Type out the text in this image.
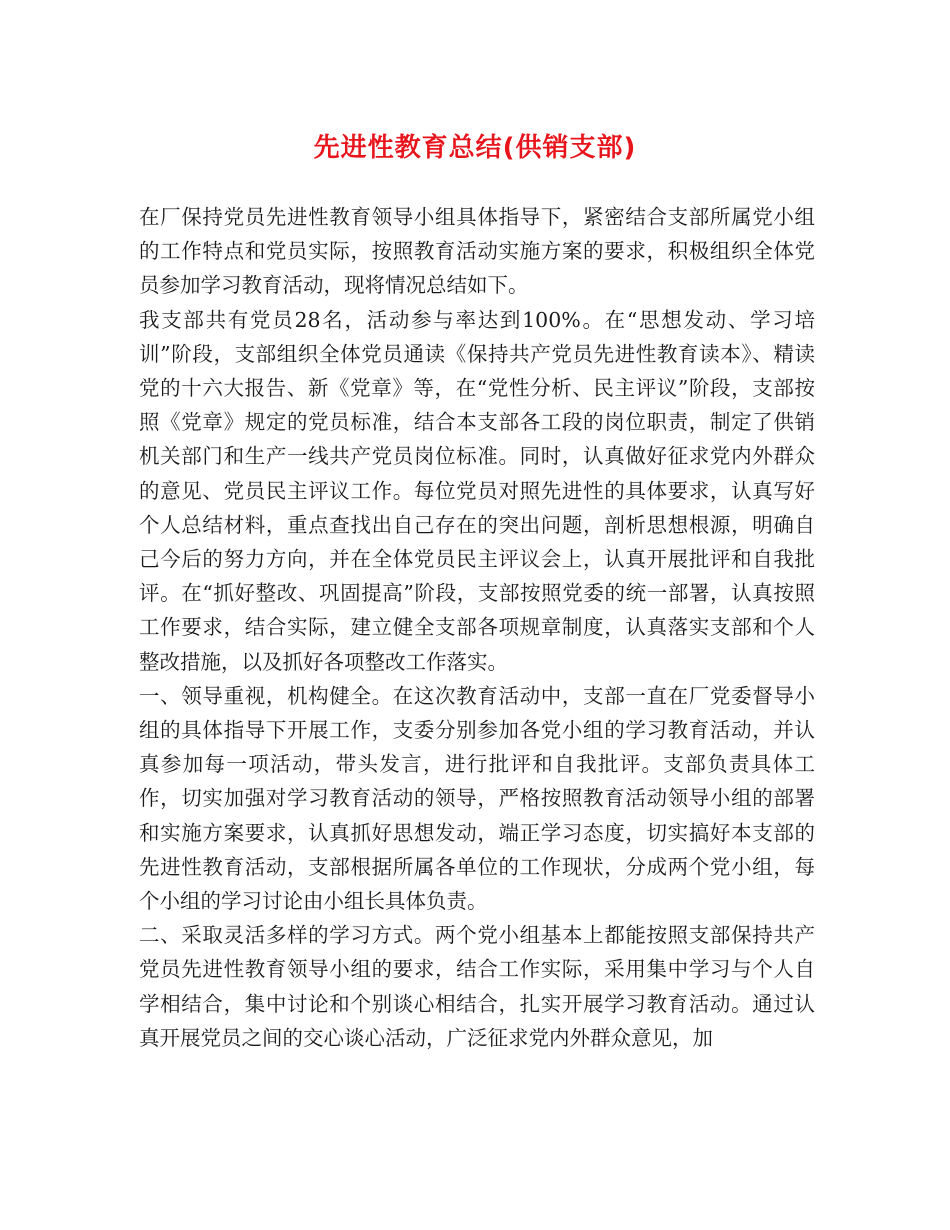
先进性教育总结(供销支部)

在厂保持党员先进性教育领导小组具体指导下，紧密结合支部所属党小组的工作特点和党员实际，按照教育活动实施方案的要求，积极组织全体党员参加学习教育活动，现将情况总结如下。

我支部共有党员28名，活动参与率达到100%。在“思想发动、学习培训”阶段，支部组织全体党员通读《保持共产党员先进性教育读本》、精读党的十六大报告、新《党章》等，在“党性分析、民主评议”阶段，支部按照《党章》规定的党员标准，结合本支部各工段的岗位职责，制定了供销机关部门和生产一线共产党员岗位标准。同时，认真做好征求党内外群众的意见、党员民主评议工作。每位党员对照先进性的具体要求，认真写好个人总结材料，重点查找出自己存在的突出问题，剖析思想根源，明确自己今后的努力方向，并在全体党员民主评议会上，认真开展批评和自我批评。在“抓好整改、巩固提高”阶段，支部按照党委的统一部署，认真按照工作要求，结合实际，建立健全支部各项规章制度，认真落实支部和个人整改措施，以及抓好各项整改工作落实。

一、领导重视，机构健全。在这次教育活动中，支部一直在厂党委督导小组的具体指导下开展工作，支委分别参加各党小组的学习教育活动，并认真参加每一项活动，带头发言，进行批评和自我批评。支部负责具体工作，切实加强对学习教育活动的领导，严格按照教育活动领导小组的部署和实施方案要求，认真抓好思想发动，端正学习态度，切实搞好本支部的先进性教育活动，支部根据所属各单位的工作现状，分成两个党小组，每个小组的学习讨论由小组长具体负责。

二、采取灵活多样的学习方式。两个党小组基本上都能按照支部保持共产党员先进性教育领导小组的要求，结合工作实际，采用集中学习与个人自学相结合，集中讨论和个别谈心相结合，扎实开展学习教育活动。通过认真开展党员之间的交心谈心活动，广泛征求党内外群众意见，加
